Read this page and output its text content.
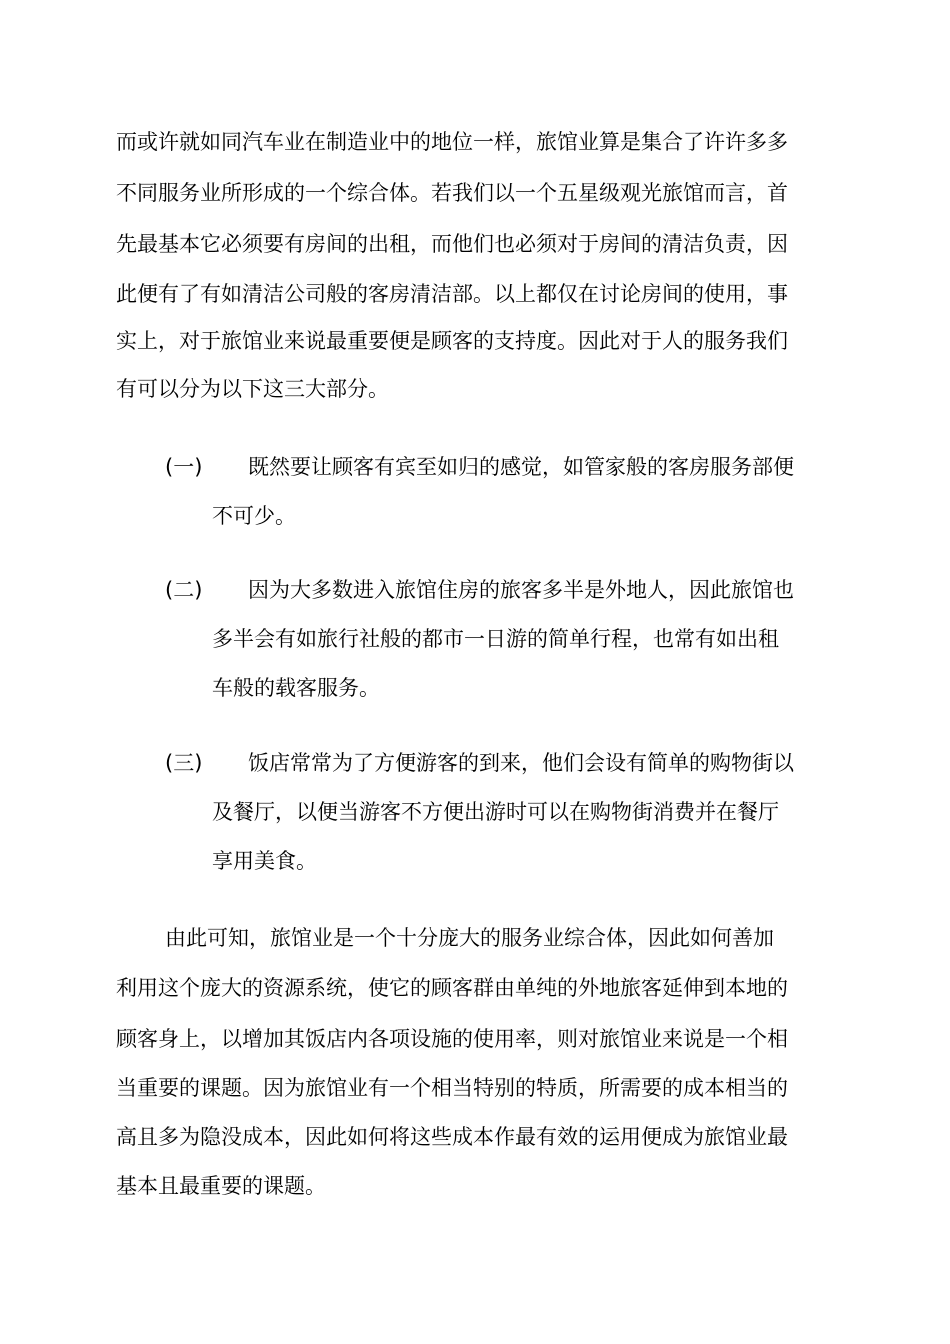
而或许就如同汽车业在制造业中的地位一样，旅馆业算是集合了许许多多

不同服务业所形成的一个综合体。若我们以一个五星级观光旅馆而言，首

先最基本它必须要有房间的出租，而他们也必须对于房间的清洁负责，因

此便有了有如清洁公司般的客房清洁部。以上都仅在讨论房间的使用，事

实上，对于旅馆业来说最重要便是顾客的支持度。因此对于人的服务我们

有可以分为以下这三大部分。

(一) 既然要让顾客有宾至如归的感觉，如管家般的客房服务部便

不可少。

(二) 因为大多数进入旅馆住房的旅客多半是外地人，因此旅馆也

多半会有如旅行社般的都市一日游的简单行程，也常有如出租

车般的载客服务。

(三) 饭店常常为了方便游客的到来，他们会设有简单的购物街以

及餐厅，以便当游客不方便出游时可以在购物街消费并在餐厅

享用美食。

由此可知，旅馆业是一个十分庞大的服务业综合体，因此如何善加

利用这个庞大的资源系统，使它的顾客群由单纯的外地旅客延伸到本地的

顾客身上，以增加其饭店内各项设施的使用率，则对旅馆业来说是一个相

当重要的课题。因为旅馆业有一个相当特别的特质，所需要的成本相当的

高且多为隐没成本，因此如何将这些成本作最有效的运用便成为旅馆业最

基本且最重要的课题。
